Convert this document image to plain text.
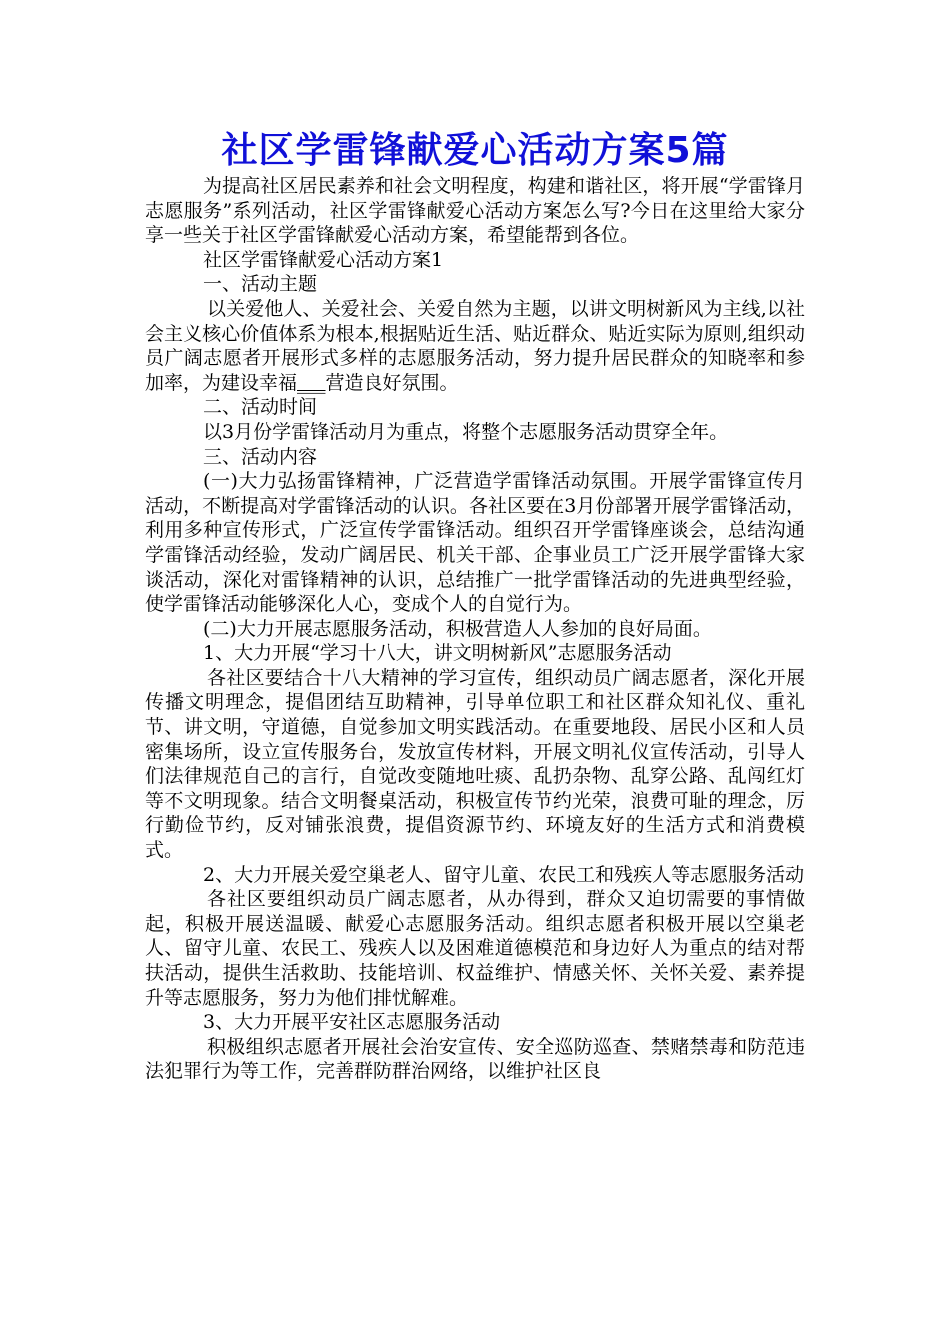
社区学雷锋献爱心活动方案5篇

为提高社区居民素养和社会文明程度，构建和谐社区，将开展“学雷锋月志愿服务”系列活动，社区学雷锋献爱心活动方案怎么写?今日在这里给大家分享一些关于社区学雷锋献爱心活动方案，希望能帮到各位。

社区学雷锋献爱心活动方案1

一、活动主题

以关爱他人、关爱社会、关爱自然为主题，以讲文明树新风为主线,以社会主义核心价值体系为根本,根据贴近生活、贴近群众、贴近实际为原则,组织动员广阔志愿者开展形式多样的志愿服务活动，努力提升居民群众的知晓率和参加率，为建设幸福___营造良好氛围。

二、活动时间

以3月份学雷锋活动月为重点，将整个志愿服务活动贯穿全年。

三、活动内容

(一)大力弘扬雷锋精神，广泛营造学雷锋活动氛围。开展学雷锋宣传月活动，不断提高对学雷锋活动的认识。各社区要在3月份部署开展学雷锋活动，利用多种宣传形式，广泛宣传学雷锋活动。组织召开学雷锋座谈会，总结沟通学雷锋活动经验，发动广阔居民、机关干部、企事业员工广泛开展学雷锋大家谈活动，深化对雷锋精神的认识，总结推广一批学雷锋活动的先进典型经验，使学雷锋活动能够深化人心，变成个人的自觉行为。

(二)大力开展志愿服务活动，积极营造人人参加的良好局面。

1、大力开展“学习十八大，讲文明树新风”志愿服务活动

各社区要结合十八大精神的学习宣传，组织动员广阔志愿者，深化开展传播文明理念，提倡团结互助精神，引导单位职工和社区群众知礼仪、重礼节、讲文明，守道德，自觉参加文明实践活动。在重要地段、居民小区和人员密集场所，设立宣传服务台，发放宣传材料，开展文明礼仪宣传活动，引导人们法律规范自己的言行，自觉改变随地吐痰、乱扔杂物、乱穿公路、乱闯红灯等不文明现象。结合文明餐桌活动，积极宣传节约光荣，浪费可耻的理念，厉行勤俭节约，反对铺张浪费，提倡资源节约、环境友好的生活方式和消费模式。

2、大力开展关爱空巢老人、留守儿童、农民工和残疾人等志愿服务活动

各社区要组织动员广阔志愿者，从办得到，群众又迫切需要的事情做起，积极开展送温暖、献爱心志愿服务活动。组织志愿者积极开展以空巢老人、留守儿童、农民工、残疾人以及困难道德模范和身边好人为重点的结对帮扶活动，提供生活救助、技能培训、权益维护、情感关怀、关怀关爱、素养提升等志愿服务，努力为他们排忧解难。

3、大力开展平安社区志愿服务活动

积极组织志愿者开展社会治安宣传、安全巡防巡查、禁赌禁毒和防范违法犯罪行为等工作，完善群防群治网络，以维护社区良
